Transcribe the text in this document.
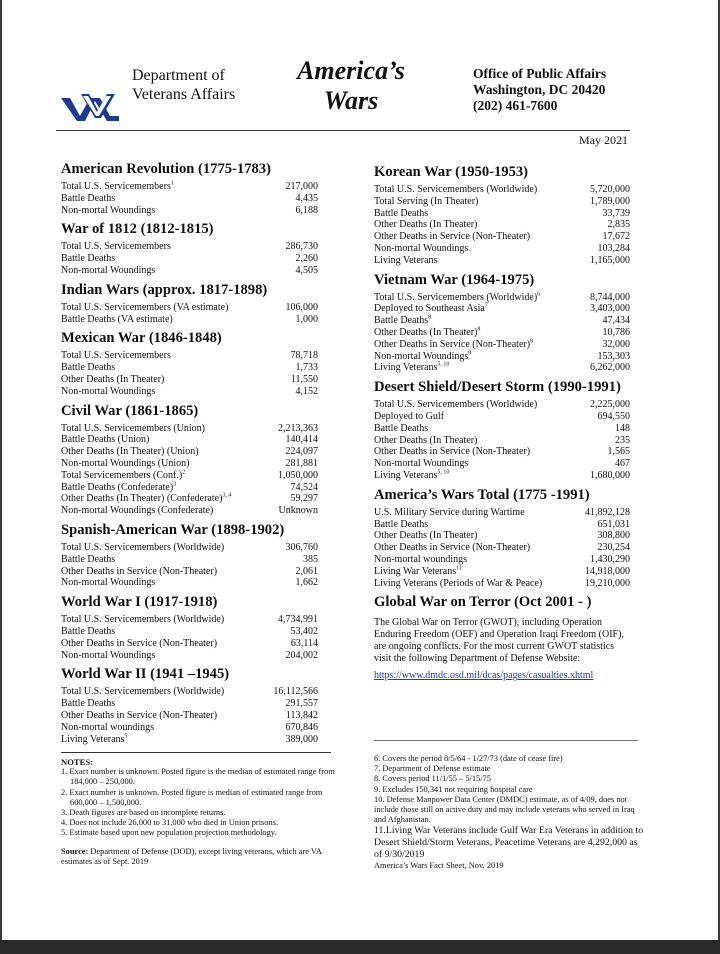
Department of
Veterans Affairs
America’s
Wars
Office of Public Affairs
Washington, DC 20420
(202) 461-7600
May 2021
American Revolution (1775-1783)
Total U.S. Servicemembers$^1$	217,000
Battle Deaths	4,435
Non-mortal Woundings	6,188
War of 1812 (1812-1815)
Total U.S. Servicemembers	286,730
Battle Deaths	2,260
Non-mortal Woundings	4,505
Indian Wars (approx. 1817-1898)
Total U.S. Servicemembers (VA estimate)	106,000
Battle Deaths (VA estimate)	1,000
Mexican War (1846-1848)
Total U.S. Servicemembers	78,718
Battle Deaths	1,733
Other Deaths (In Theater)	11,550
Non-mortal Woundings	4,152
Civil War (1861-1865)
Total U.S. Servicemembers (Union)	2,213,363
Battle Deaths (Union)	140,414
Other Deaths (In Theater) (Union)	224,097
Non-mortal Woundings (Union)	281,881
Total Servicemembers (Conf.)$^2$	1,050,000
Battle Deaths (Confederate)$^3$	74,524
Other Deaths (In Theater) (Confederate)$^{3, 4}$	59,297
Non-mortal Woundings (Confederate)	Unknown
Spanish-American War (1898-1902)
Total U.S. Servicemembers (Worldwide)	306,760
Battle Deaths	385
Other Deaths in Service (Non-Theater)	2,061
Non-mortal Woundings	1,662
World War I (1917-1918)
Total U.S. Servicemembers (Worldwide)	4,734,991
Battle Deaths	53,402
Other Deaths in Service (Non-Theater)	63,114
Non-mortal Woundings	204,002
World War II (1941 –1945)
Total U.S. Servicemembers (Worldwide)	16,112,566
Battle Deaths	291,557
Other Deaths in Service (Non-Theater)	113,842
Non-mortal woundings	670,846
Living Veterans$^5$	389,000
Korean War (1950-1953)
Total U.S. Servicemembers (Worldwide)	5,720,000
Total Serving (In Theater)	1,789,000
Battle Deaths	33,739
Other Deaths (In Theater)	2,835
Other Deaths in Service (Non-Theater)	17,672
Non-mortal Woundings	103,284
Living Veterans	1,165,000
Vietnam War (1964-1975)
Total U.S. Servicemembers (Worldwide)$^6$	8,744,000
Deployed to Southeast Asia$^7$	3,403,000
Battle Deaths$^8$	47,434
Other Deaths (In Theater)$^8$	10,786
Other Deaths in Service (Non-Theater)$^8$	32,000
Non-mortal Woundings$^9$	153,303
Living Veterans$^{5, 10}$	6,262,000
Desert Shield/Desert Storm (1990-1991)
Total U.S. Servicemembers (Worldwide)	2,225,000
Deployed to Gulf	694,550
Battle Deaths	148
Other Deaths (In Theater)	235
Other Deaths in Service (Non-Theater)	1,565
Non-mortal Woundings	467
Living Veterans$^{5, 10}$	1,680,000
America’s Wars Total (1775 -1991)
U.S. Military Service during Wartime	41,892,128
Battle Deaths	651,031
Other Deaths (In Theater)	308,800
Other Deaths in Service (Non-Theater)	230,254
Non-mortal woundings	1,430,290
Living War Veterans$^{11}$	14,918,000
Living Veterans (Periods of War & Peace)	19,210,000
Global War on Terror (Oct 2001 - )
The Global War on Terror (GWOT), including Operation Enduring Freedom (OEF) and Operation Iraqi Freedom (OIF), are ongoing conflicts. For the most current GWOT statistics visit the following Department of Defense Website:
https://www.dmdc.osd.mil/dcas/pages/casualties.xhtml
NOTES:
1. Exact number is unknown. Posted figure is the median of estimated range from 184,000 – 250,000.
2. Exact number is unknown. Posted figure is median of estimated range from 600,000 – 1,500,000.
3. Death figures are based on incomplete returns.
4. Does not include 26,000 to 31,000 who died in Union prisons.
5. Estimate based upon new population projection methodology.
Source: Department of Defense (DOD), except living veterans, which are VA estimates as of Sept. 2019
6. Covers the period 8/5/64 - 1/27/73 (date of cease fire)
7. Department of Defense estimate
8. Covers period 11/1/55 – 5/15/75
9. Excludes 150,341 not requiring hospital care
10. Defense Manpower Data Center (DMDC) estimate, as of 4/09, does not include those still on active duty and may include veterans who served in Iraq and Afghanistan.
11.Living War Veterans include Gulf War Era Veterans in addition to Desert Shield/Storm Veterans, Peacetime Veterans are 4,292,000 as of 9/30/2019
America’s Wars Fact Sheet, Nov. 2019
